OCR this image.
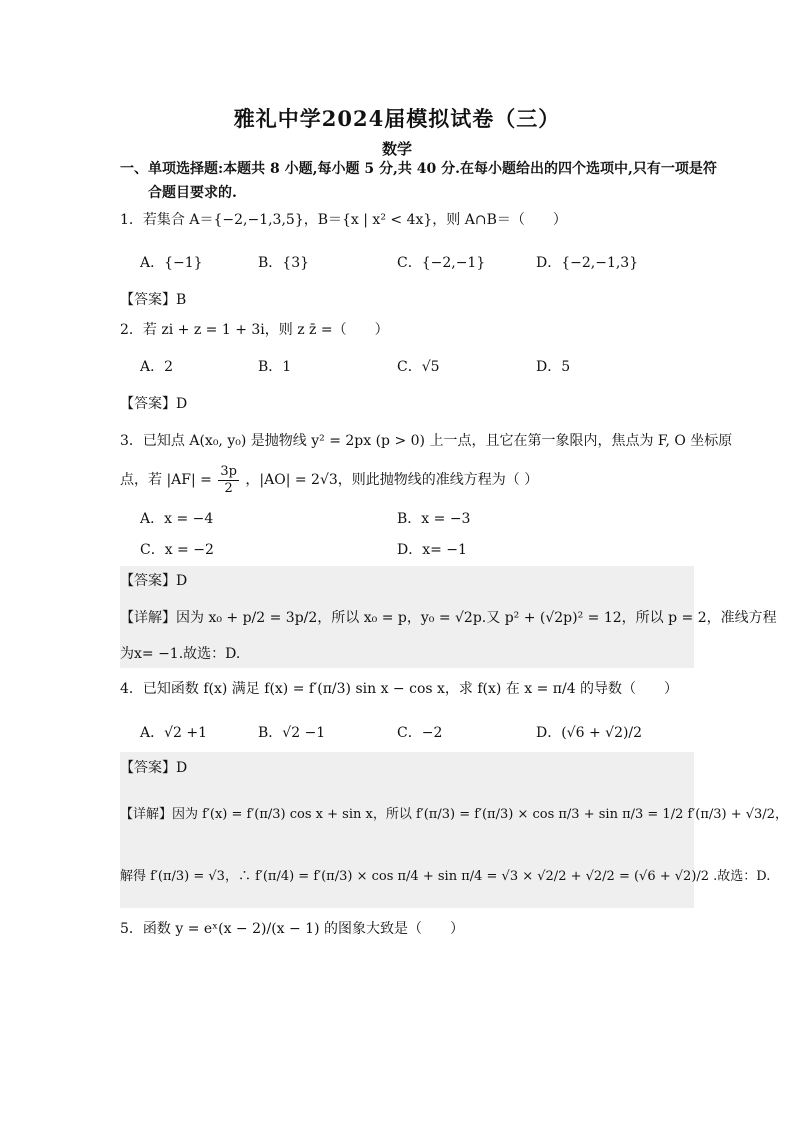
雅礼中学2024届模拟试卷（三）
数学
一、单项选择题:本题共 8 小题,每小题 5 分,共 40 分.在每小题给出的四个选项中,只有一项是符
合题目要求的.
1．若集合 A＝{−2,−1,3,5}，B＝{x | x² < 4x}，则 A∩B＝（　　）
A．{−1}	B．{3}	C．{−2,−1}	D．{−2,−1,3}
【答案】B
2．若 zi + z = 1 + 3i，则 z z̄ =（　　）
A．2	B．1	C．√5	D．5
【答案】D
3．已知点 A(x₀, y₀) 是抛物线 y² = 2px (p > 0) 上一点，且它在第一象限内，焦点为 F, O 坐标原
点，若 $|AF| = \frac{3p}{2}$ ，|AO| = 2√3，则此抛物线的准线方程为（ ）
A．x = −4	B．x = −3
C．x = −2	D．x= −1
【答案】D
【详解】因为 x₀ + p/2 = 3p/2，所以 x₀ = p，y₀ = √2p.又 p² + (√2p)² = 12，所以 p = 2，准线方程
为x= −1.故选：D.
4．已知函数 f(x) 满足 f(x) = f′(π/3) sin x − cos x，求 f(x) 在 x = π/4 的导数（　　）
A．√2 +1	B．√2 −1	C．−2	D．(√6 + √2)/2
【答案】D
【详解】因为 f′(x) = f′(π/3) cos x + sin x，所以 f′(π/3) = f′(π/3) × cos π/3 + sin π/3 = 1/2 f′(π/3) + √3/2，
解得 f′(π/3) = √3，∴ f′(π/4) = f′(π/3) × cos π/4 + sin π/4 = √3 × √2/2 + √2/2 = (√6 + √2)/2 .故选：D.
5．函数 y = eˣ(x − 2)/(x − 1) 的图象大致是（　　）
